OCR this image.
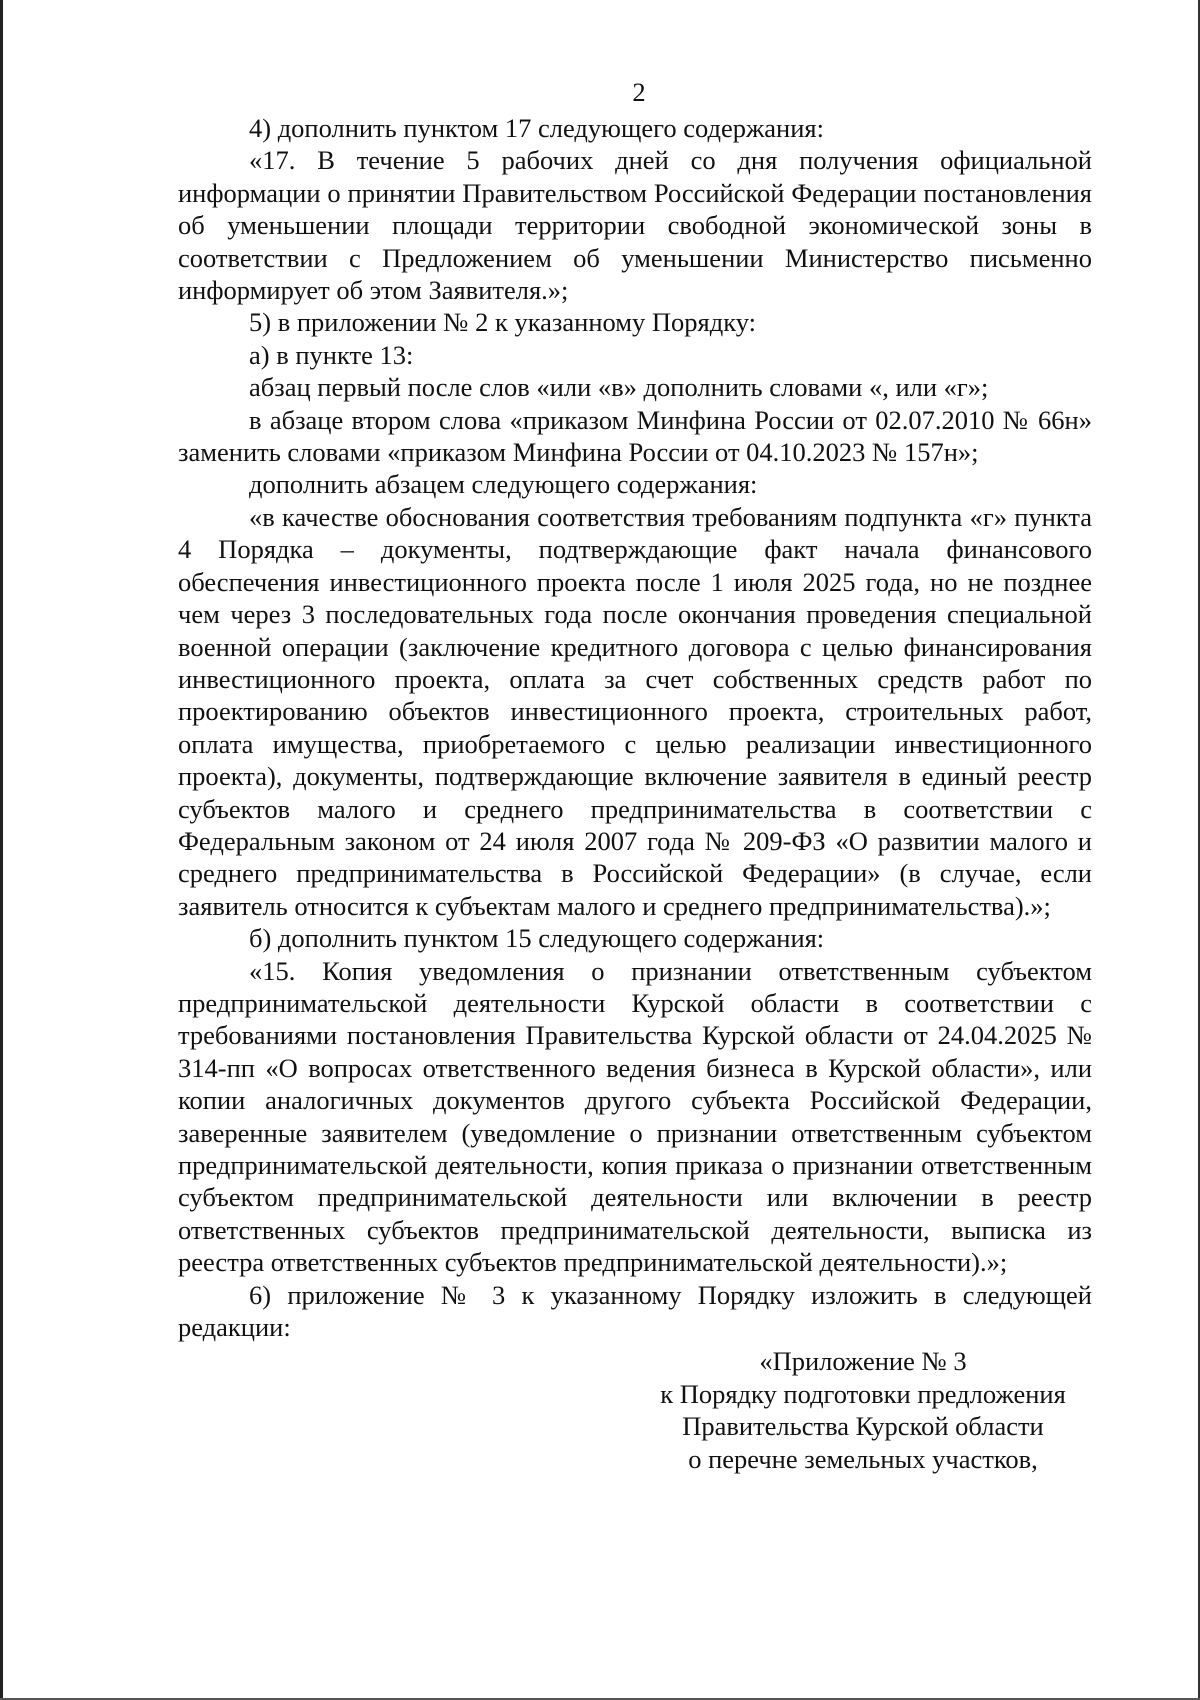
2

4) дополнить пунктом 17 следующего содержания:

«17. В течение 5 рабочих дней со дня получения официальной информации о принятии Правительством Российской Федерации постановления об уменьшении площади территории свободной экономической зоны в соответствии с Предложением об уменьшении Министерство письменно информирует об этом Заявителя.»;

5) в приложении № 2 к указанному Порядку:

а) в пункте 13:

абзац первый после слов «или «в» дополнить словами «, или «г»;

в абзаце втором слова «приказом Минфина России от 02.07.2010 № 66н» заменить словами «приказом Минфина России от 04.10.2023 № 157н»;

дополнить абзацем следующего содержания:

«в качестве обоснования соответствия требованиям подпункта «г» пункта 4 Порядка – документы, подтверждающие факт начала финансового обеспечения инвестиционного проекта после 1 июля 2025 года, но не позднее чем через 3 последовательных года после окончания проведения специальной военной операции (заключение кредитного договора с целью финансирования инвестиционного проекта, оплата за счет собственных средств работ по проектированию объектов инвестиционного проекта, строительных работ, оплата имущества, приобретаемого с целью реализации инвестиционного проекта), документы, подтверждающие включение заявителя в единый реестр субъектов малого и среднего предпринимательства в соответствии с Федеральным законом от 24 июля 2007 года № 209-ФЗ «О развитии малого и среднего предпринимательства в Российской Федерации» (в случае, если заявитель относится к субъектам малого и среднего предпринимательства).»;

б) дополнить пунктом 15 следующего содержания:

«15. Копия уведомления о признании ответственным субъектом предпринимательской деятельности Курской области в соответствии с требованиями постановления Правительства Курской области от 24.04.2025 № 314-пп «О вопросах ответственного ведения бизнеса в Курской области», или копии аналогичных документов другого субъекта Российской Федерации, заверенные заявителем (уведомление о признании ответственным субъектом предпринимательской деятельности, копия приказа о признании ответственным субъектом предпринимательской деятельности или включении в реестр ответственных субъектов предпринимательской деятельности, выписка из реестра ответственных субъектов предпринимательской деятельности).»;

6) приложение № 3 к указанному Порядку изложить в следующей редакции:

«Приложение № 3
к Порядку подготовки предложения
Правительства Курской области
о перечне земельных участков,
